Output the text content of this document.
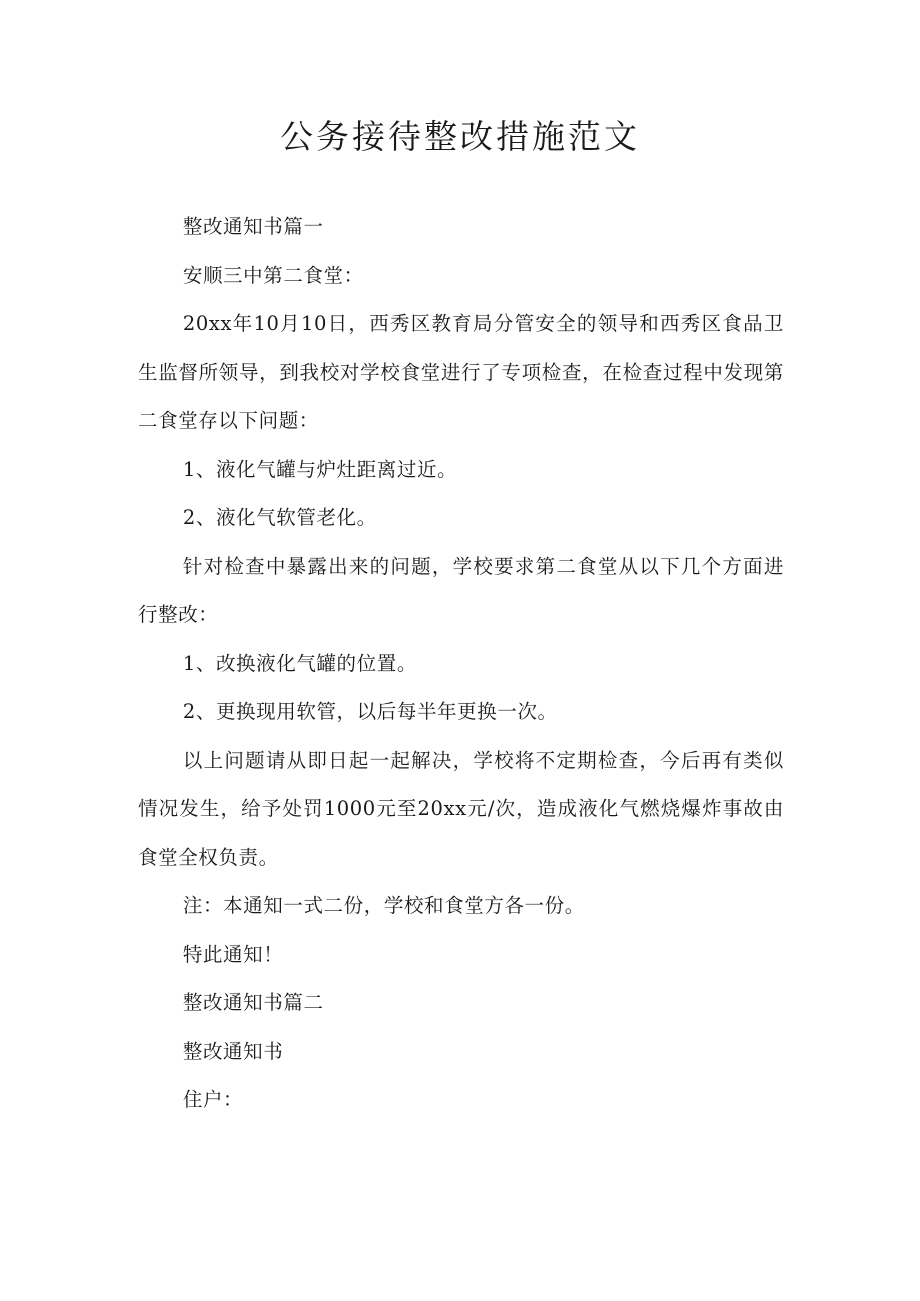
公务接待整改措施范文

整改通知书篇一

安顺三中第二食堂：

20xx年10月10日，西秀区教育局分管安全的领导和西秀区食品卫生监督所领导，到我校对学校食堂进行了专项检查，在检查过程中发现第二食堂存以下问题：

1、液化气罐与炉灶距离过近。

2、液化气软管老化。

针对检查中暴露出来的问题，学校要求第二食堂从以下几个方面进行整改：

1、改换液化气罐的位置。

2、更换现用软管，以后每半年更换一次。

以上问题请从即日起一起解决，学校将不定期检查，今后再有类似情况发生，给予处罚1000元至20xx元/次，造成液化气燃烧爆炸事故由食堂全权负责。

注：本通知一式二份，学校和食堂方各一份。

特此通知！

整改通知书篇二

整改通知书

住户：
